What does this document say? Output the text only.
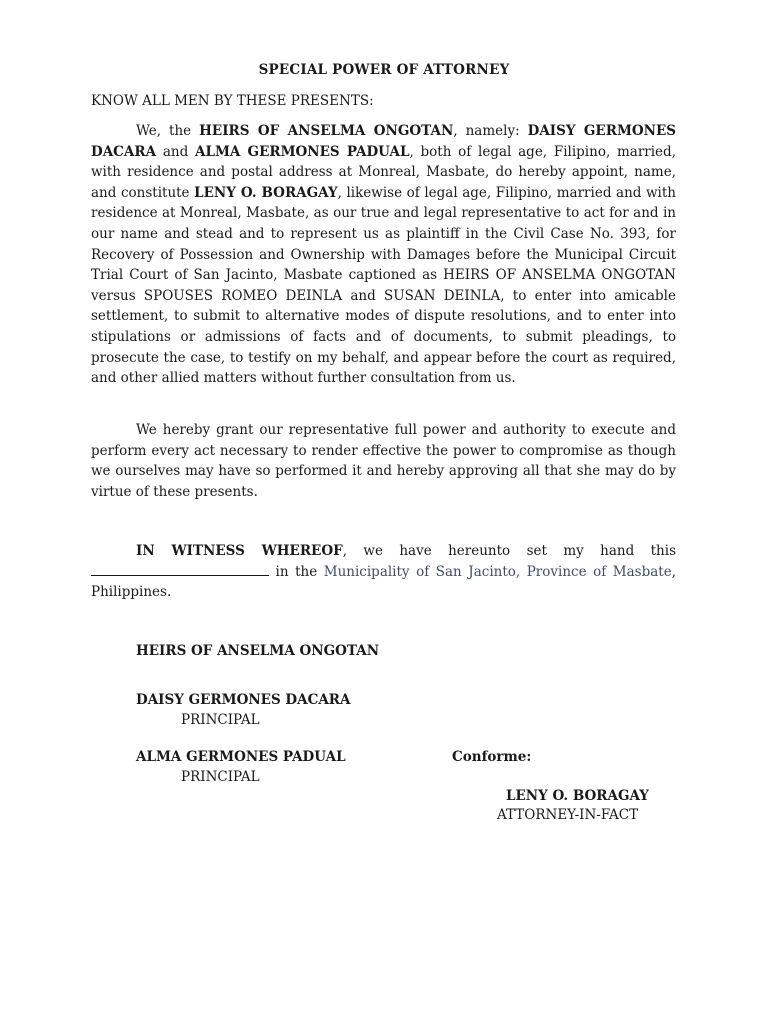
SPECIAL POWER OF ATTORNEY
KNOW ALL MEN BY THESE PRESENTS:

We, the HEIRS OF ANSELMA ONGOTAN, namely: DAISY GERMONES DACARA and ALMA GERMONES PADUAL, both of legal age, Filipino, married, with residence and postal address at Monreal, Masbate, do hereby appoint, name, and constitute LENY O. BORAGAY, likewise of legal age, Filipino, married and with residence at Monreal, Masbate, as our true and legal representative to act for and in our name and stead and to represent us as plaintiff in the Civil Case No. 393, for Recovery of Possession and Ownership with Damages before the Municipal Circuit Trial Court of San Jacinto, Masbate captioned as HEIRS OF ANSELMA ONGOTAN versus SPOUSES ROMEO DEINLA and SUSAN DEINLA, to enter into amicable settlement, to submit to alternative modes of dispute resolutions, and to enter into stipulations or admissions of facts and of documents, to submit pleadings, to prosecute the case, to testify on my behalf, and appear before the court as required, and other allied matters without further consultation from us.

We hereby grant our representative full power and authority to execute and perform every act necessary to render effective the power to compromise as though we ourselves may have so performed it and hereby approving all that she may do by virtue of these presents.

IN WITNESS WHEREOF, we have hereunto set my hand this  in the Municipality of San Jacinto, Province of Masbate, Philippines.

HEIRS OF ANSELMA ONGOTAN
DAISY GERMONES DACARA
PRINCIPAL
ALMA GERMONES PADUAL
PRINCIPAL
Conforme:
LENY O. BORAGAY
ATTORNEY-IN-FACT
